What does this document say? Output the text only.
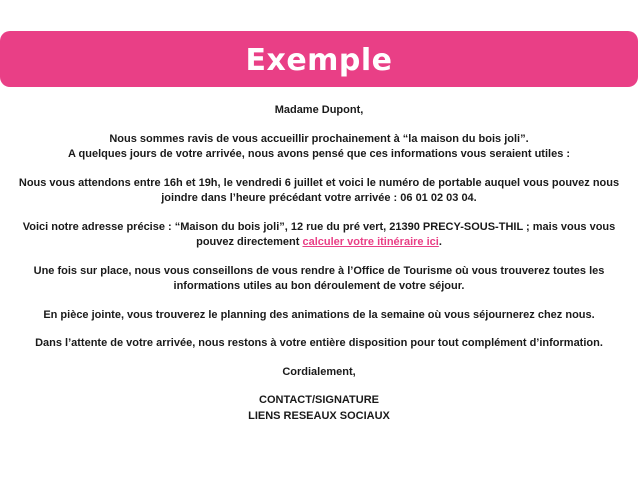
Exemple

Madame Dupont,

Nous sommes ravis de vous accueillir prochainement à “la maison du bois joli”.

A quelques jours de votre arrivée, nous avons pensé que ces informations vous seraient utiles :

Nous vous attendons entre 16h et 19h, le vendredi 6 juillet et voici le numéro de portable auquel vous pouvez nous joindre dans l’heure précédant votre arrivée : 06 01 02 03 04.

Voici notre adresse précise : “Maison du bois joli”, 12 rue du pré vert, 21390 PRECY-SOUS-THIL ; mais vous vous pouvez directement calculer votre itinéraire ici.

Une fois sur place, nous vous conseillons de vous rendre à l’Office de Tourisme où vous trouverez toutes les informations utiles au bon déroulement de votre séjour.

En pièce jointe, vous trouverez le planning des animations de la semaine où vous séjournerez chez nous.

Dans l’attente de votre arrivée, nous restons à votre entière disposition pour tout complément d’information.

Cordialement,

CONTACT/SIGNATURE

LIENS RESEAUX SOCIAUX
